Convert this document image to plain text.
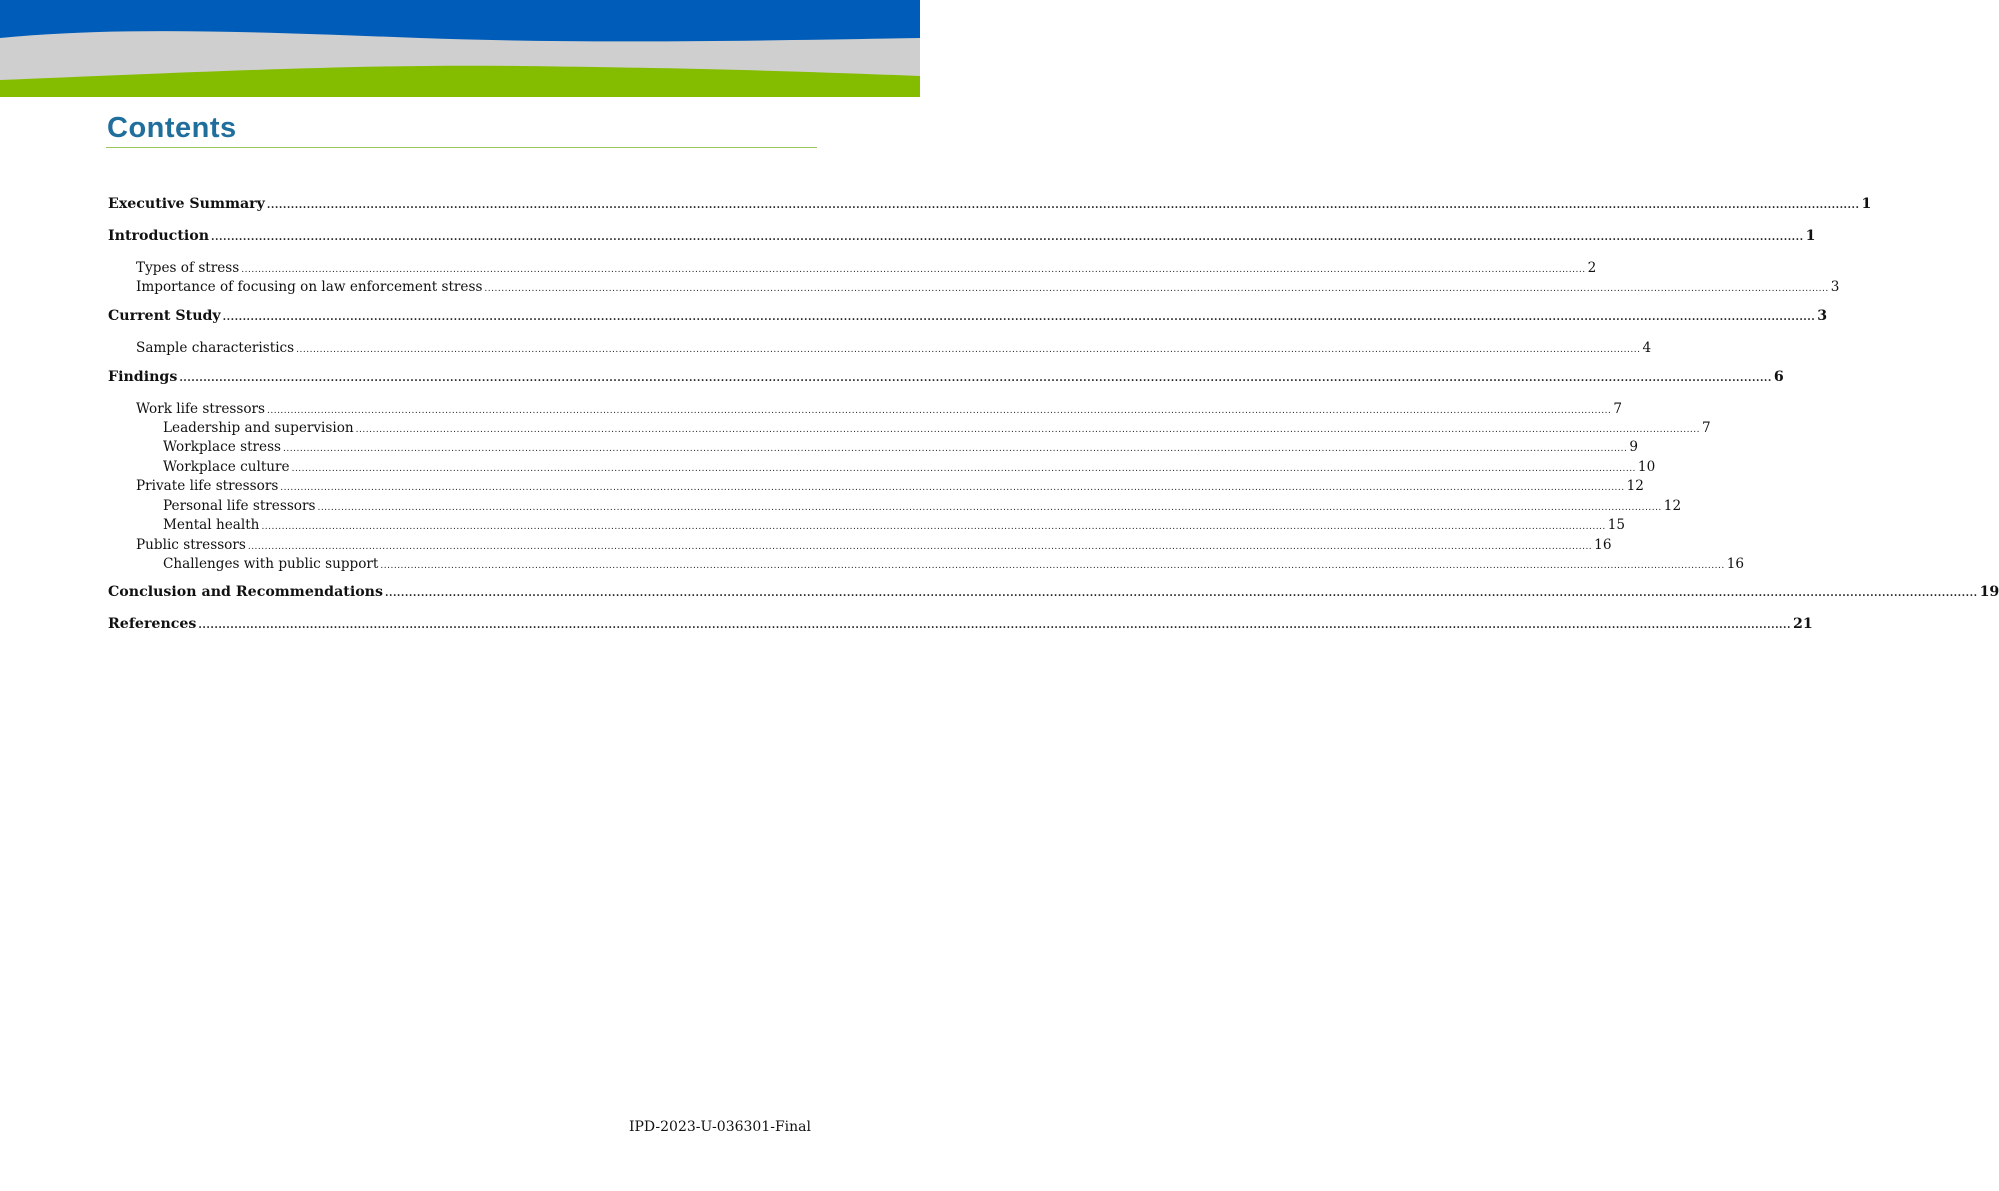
Contents
Executive Summary ................................................................................................................................................................................................................................................................................................................................................................................................................ 1
Introduction ................................................................................................................................................................................................................................................................................................................................................................................................................ 1
Types of stress ................................................................................................................................................................................................................................................................................................................................................................................................................ 2
Importance of focusing on law enforcement stress ................................................................................................................................................................................................................................................................................................................................................................................................................ 3
Current Study ................................................................................................................................................................................................................................................................................................................................................................................................................ 3
Sample characteristics ................................................................................................................................................................................................................................................................................................................................................................................................................ 4
Findings ................................................................................................................................................................................................................................................................................................................................................................................................................ 6
Work life stressors ................................................................................................................................................................................................................................................................................................................................................................................................................ 7
Leadership and supervision ................................................................................................................................................................................................................................................................................................................................................................................................................ 7
Workplace stress ................................................................................................................................................................................................................................................................................................................................................................................................................ 9
Workplace culture ................................................................................................................................................................................................................................................................................................................................................................................................................ 10
Private life stressors ................................................................................................................................................................................................................................................................................................................................................................................................................ 12
Personal life stressors ................................................................................................................................................................................................................................................................................................................................................................................................................ 12
Mental health ................................................................................................................................................................................................................................................................................................................................................................................................................ 15
Public stressors ................................................................................................................................................................................................................................................................................................................................................................................................................ 16
Challenges with public support ................................................................................................................................................................................................................................................................................................................................................................................................................ 16
Conclusion and Recommendations ................................................................................................................................................................................................................................................................................................................................................................................................................ 19
References ................................................................................................................................................................................................................................................................................................................................................................................................................ 21
IPD-2023-U-036301-Final
